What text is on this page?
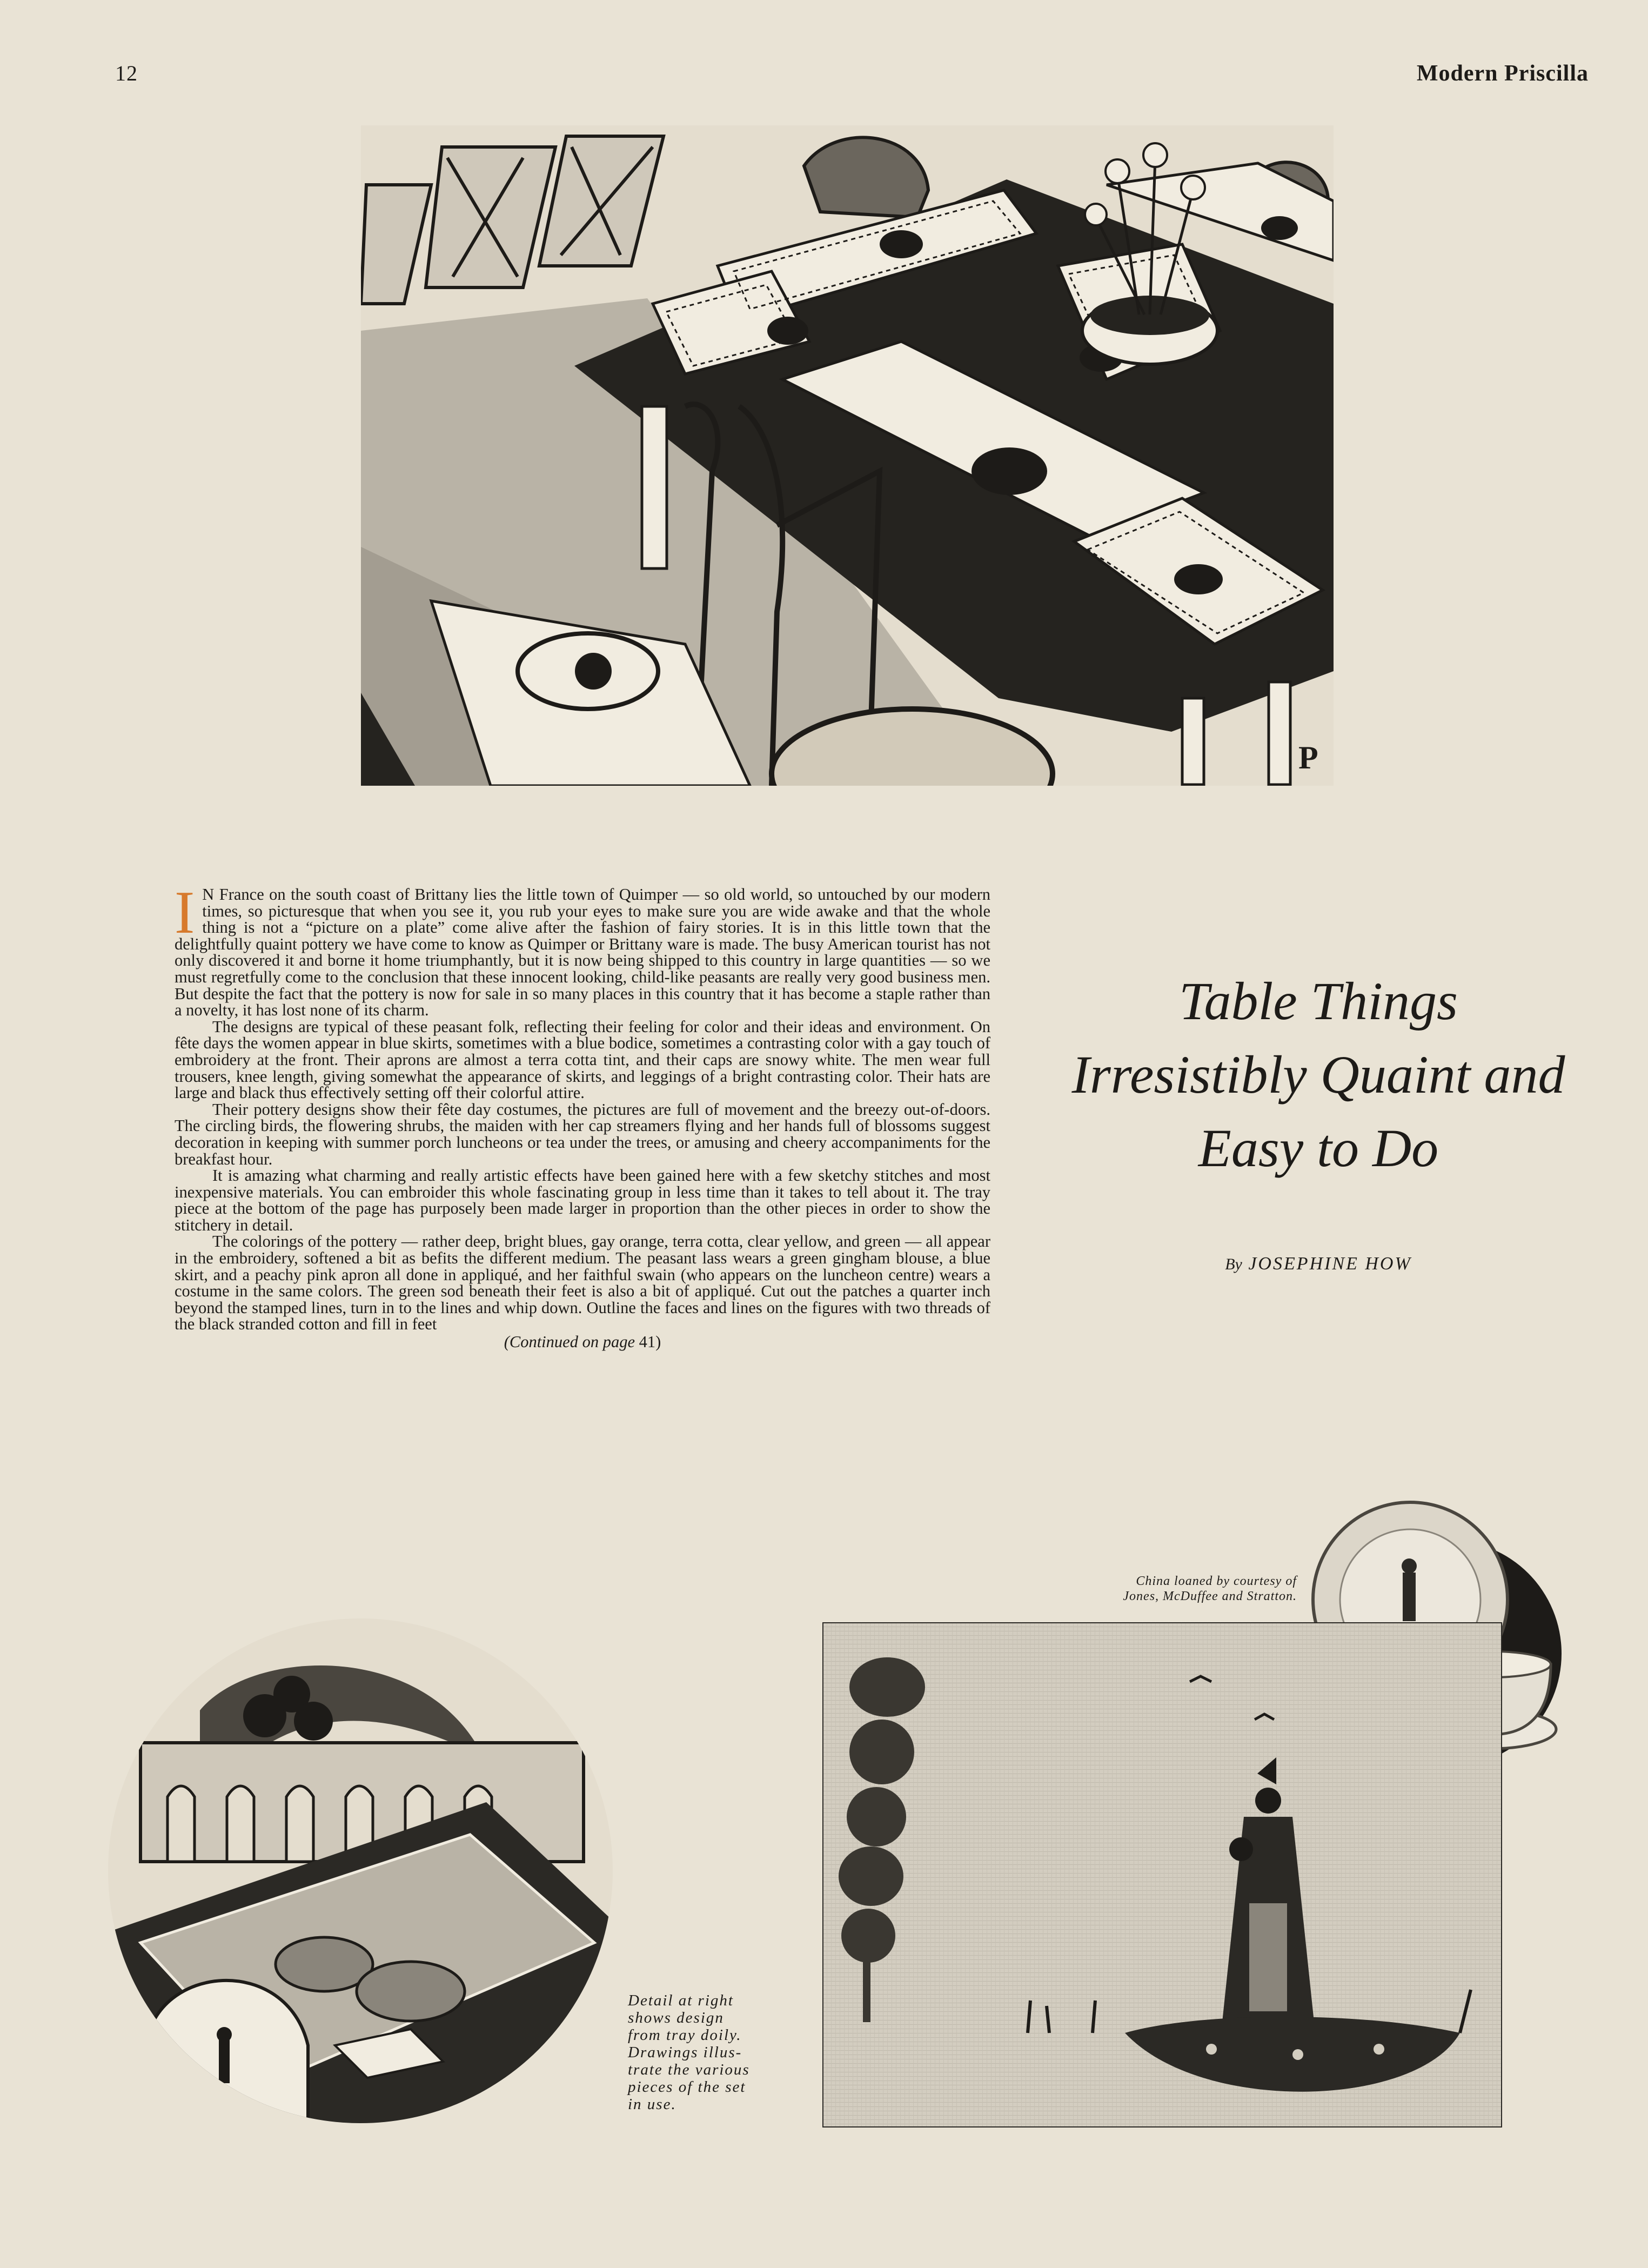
12	Modern Priscilla
P

I N France on the south coast of Brittany lies the little town of Quimper — so old world, so untouched by our modern times, so picturesque that when you see it, you rub your eyes to make sure you are wide awake and that the whole thing is not a “picture on a plate” come alive after the fashion of fairy stories. It is in this little town that the delightfully quaint pottery we have come to know as Quimper or Brittany ware is made. The busy American tourist has not only discovered it and borne it home triumphantly, but it is now being shipped to this country in large quantities — so we must regretfully come to the conclusion that these innocent looking, child-like peasants are really very good business men. But despite the fact that the pottery is now for sale in so many places in this country that it has become a staple rather than a novelty, it has lost none of its charm.

The designs are typical of these peasant folk, reflecting their feeling for color and their ideas and environment. On fête days the women appear in blue skirts, sometimes with a blue bodice, sometimes a contrasting color with a gay touch of embroidery at the front. Their aprons are almost a terra cotta tint, and their caps are snowy white. The men wear full trousers, knee length, giving somewhat the appearance of skirts, and leggings of a bright contrasting color. Their hats are large and black thus effectively setting off their colorful attire.

Their pottery designs show their fête day costumes, the pictures are full of movement and the breezy out-of-doors. The circling birds, the flowering shrubs, the maiden with her cap streamers flying and her hands full of blossoms suggest decoration in keeping with summer porch luncheons or tea under the trees, or amusing and cheery accompaniments for the breakfast hour.

It is amazing what charming and really artistic effects have been gained here with a few sketchy stitches and most inexpensive materials. You can embroider this whole fascinating group in less time than it takes to tell about it. The tray piece at the bottom of the page has purposely been made larger in proportion than the other pieces in order to show the stitchery in detail.

The colorings of the pottery — rather deep, bright blues, gay orange, terra cotta, clear yellow, and green — all appear in the embroidery, softened a bit as befits the different medium. The peasant lass wears a green gingham blouse, a blue skirt, and a peachy pink apron all done in appliqué, and her faithful swain (who appears on the luncheon centre) wears a costume in the same colors. The green sod beneath their feet is also a bit of appliqué. Cut out the patches a quarter inch beyond the stamped lines, turn in to the lines and whip down. Outline the faces and lines on the figures with two threads of the black stranded cotton and fill in feet

(Continued on page 41)
Table Things
Irresistibly Quaint and
Easy to Do
By JOSEPHINE HOW
China loaned by courtesy of
Jones, McDuffee and Stratton.
Detail at right
shows design
from tray doily.
Drawings illus-
trate the various
pieces of the set
in use.
